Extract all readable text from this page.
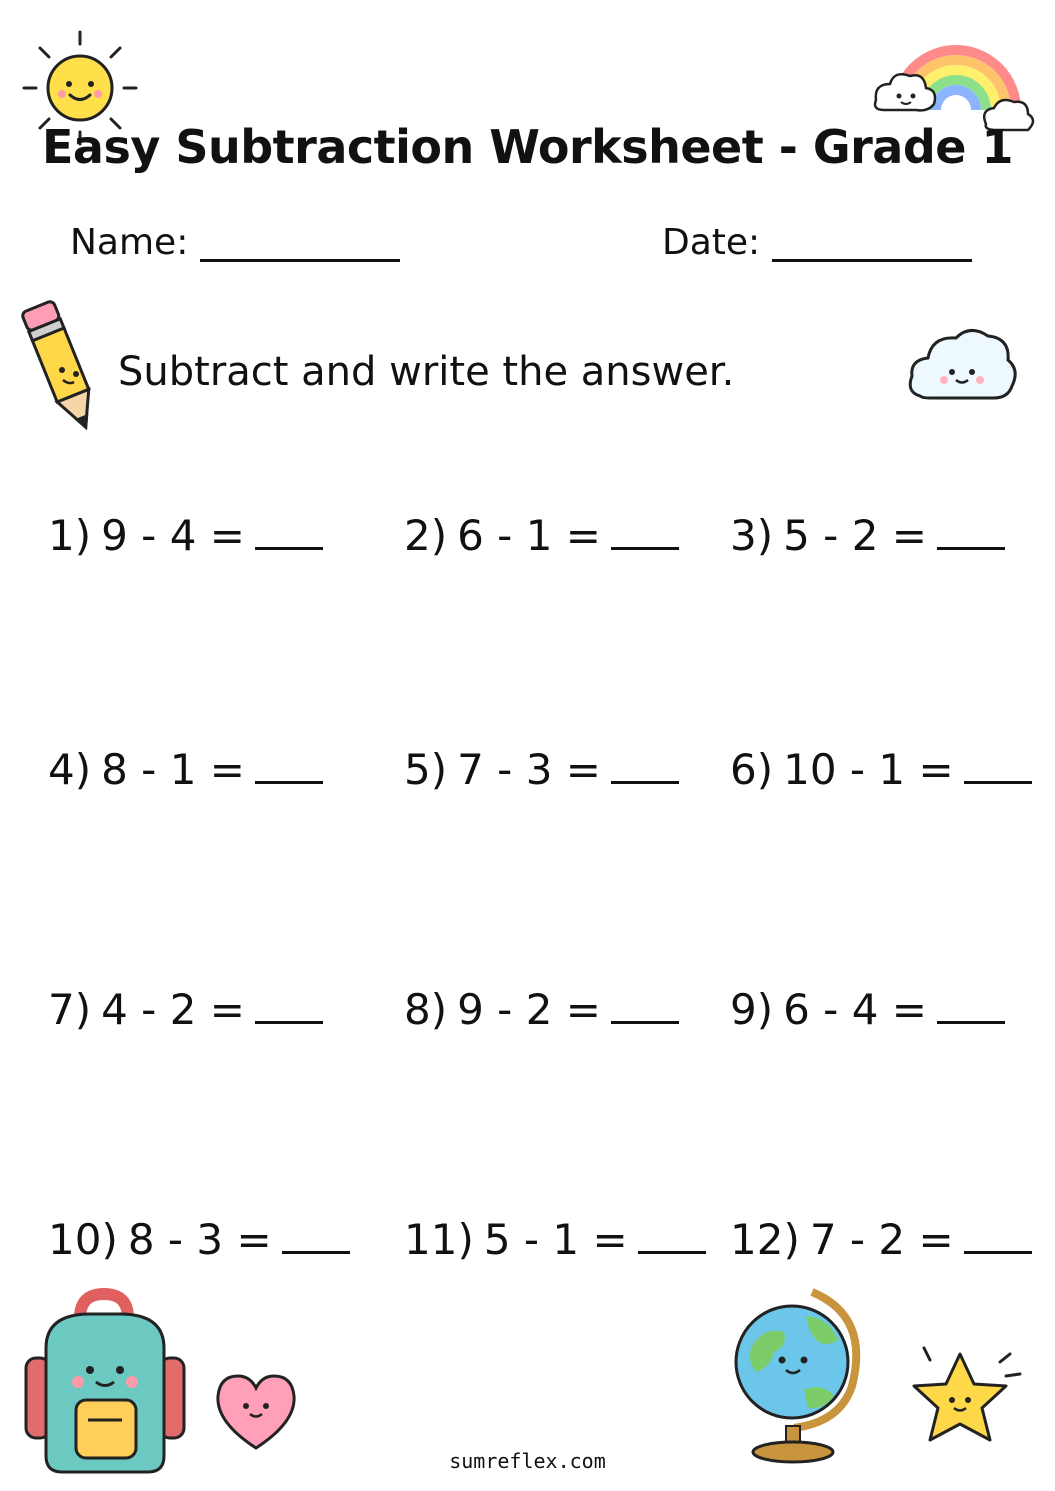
Easy Subtraction Worksheet - Grade 1
Name:	Date:
Subtract and write the answer.
1) 9 - 4 =	2) 6 - 1 =	3) 5 - 2 =
4) 8 - 1 =	5) 7 - 3 =	6) 10 - 1 =
7) 4 - 2 =	8) 9 - 2 =	9) 6 - 4 =
10) 8 - 3 =	11) 5 - 1 = 12) 7 - 2 =
sumreflex.com
